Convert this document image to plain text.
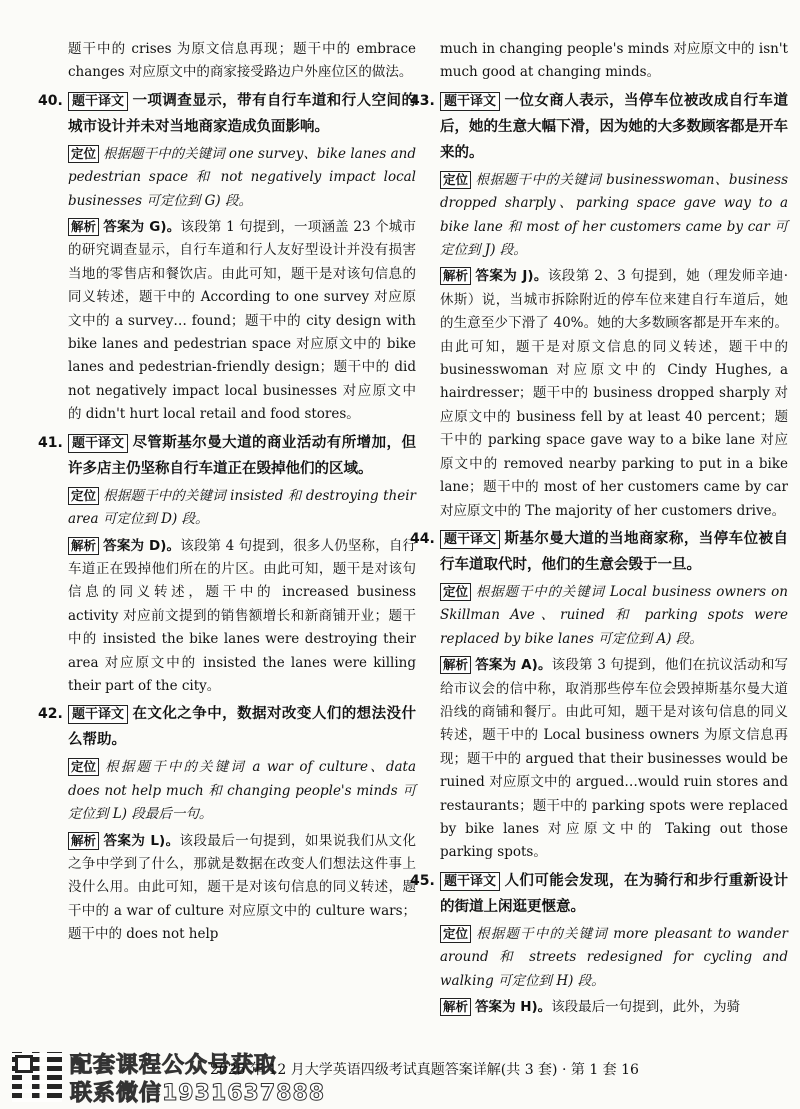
题干中的 crises 为原文信息再现；题干中的 embrace changes 对应原文中的商家接受路边户外座位区的做法。

40. 题干译文 一项调查显示，带有自行车道和行人空间的城市设计并未对当地商家造成负面影响。

定位 根据题干中的关键词 one survey、bike lanes and pedestrian space 和 not negatively impact local businesses 可定位到 G) 段。

解析 答案为 G)。该段第 1 句提到，一项涵盖 23 个城市的研究调查显示，自行车道和行人友好型设计并没有损害当地的零售店和餐饮店。由此可知，题干是对该句信息的同义转述，题干中的 According to one survey 对应原文中的 a survey… found；题干中的 city design with bike lanes and pedestrian space 对应原文中的 bike lanes and pedestrian-friendly design；题干中的 did not negatively impact local businesses 对应原文中的 didn't hurt local retail and food stores。

41. 题干译文 尽管斯基尔曼大道的商业活动有所增加，但许多店主仍坚称自行车道正在毁掉他们的区域。

定位 根据题干中的关键词 insisted 和 destroying their area 可定位到 D) 段。

解析 答案为 D)。该段第 4 句提到，很多人仍坚称，自行车道正在毁掉他们所在的片区。由此可知，题干是对该句信息的同义转述，题干中的 increased business activity 对应前文提到的销售额增长和新商铺开业；题干中的 insisted the bike lanes were destroying their area 对应原文中的 insisted the lanes were killing their part of the city。

42. 题干译文 在文化之争中，数据对改变人们的想法没什么帮助。

定位 根据题干中的关键词 a war of culture、data does not help much 和 changing people's minds 可定位到 L) 段最后一句。

解析 答案为 L)。该段最后一句提到，如果说我们从文化之争中学到了什么，那就是数据在改变人们想法这件事上没什么用。由此可知，题干是对该句信息的同义转述，题干中的 a war of culture 对应原文中的 culture wars；题干中的 does not help

much in changing people's minds 对应原文中的 isn't much good at changing minds。

43. 题干译文 一位女商人表示，当停车位被改成自行车道后，她的生意大幅下滑，因为她的大多数顾客都是开车来的。

定位 根据题干中的关键词 businesswoman、business dropped sharply、parking space gave way to a bike lane 和 most of her customers came by car 可定位到 J) 段。

解析 答案为 J)。该段第 2、3 句提到，她（理发师辛迪·休斯）说，当城市拆除附近的停车位来建自行车道后，她的生意至少下滑了 40%。她的大多数顾客都是开车来的。由此可知，题干是对原文信息的同义转述，题干中的 businesswoman 对应原文中的 Cindy Hughes, a hairdresser；题干中的 business dropped sharply 对应原文中的 business fell by at least 40 percent；题干中的 parking space gave way to a bike lane 对应原文中的 removed nearby parking to put in a bike lane；题干中的 most of her customers came by car 对应原文中的 The majority of her customers drive。

44. 题干译文 斯基尔曼大道的当地商家称，当停车位被自行车道取代时，他们的生意会毁于一旦。

定位 根据题干中的关键词 Local business owners on Skillman Ave、ruined 和 parking spots were replaced by bike lanes 可定位到 A) 段。

解析 答案为 A)。该段第 3 句提到，他们在抗议活动和写给市议会的信中称，取消那些停车位会毁掉斯基尔曼大道沿线的商铺和餐厅。由此可知，题干是对该句信息的同义转述，题干中的 Local business owners 为原文信息再现；题干中的 argued that their businesses would be ruined 对应原文中的 argued…would ruin stores and restaurants；题干中的 parking spots were replaced by bike lanes 对应原文中的 Taking out those parking spots。

45. 题干译文 人们可能会发现，在为骑行和步行重新设计的街道上闲逛更惬意。

定位 根据题干中的关键词 more pleasant to wander around 和 streets redesigned for cycling and walking 可定位到 H) 段。

解析 答案为 H)。该段最后一句提到，此外，为骑

配套课程公众号获取
联系微信1931637888
2025 年 12 月大学英语四级考试真题答案详解(共 3 套) · 第 1 套 16
